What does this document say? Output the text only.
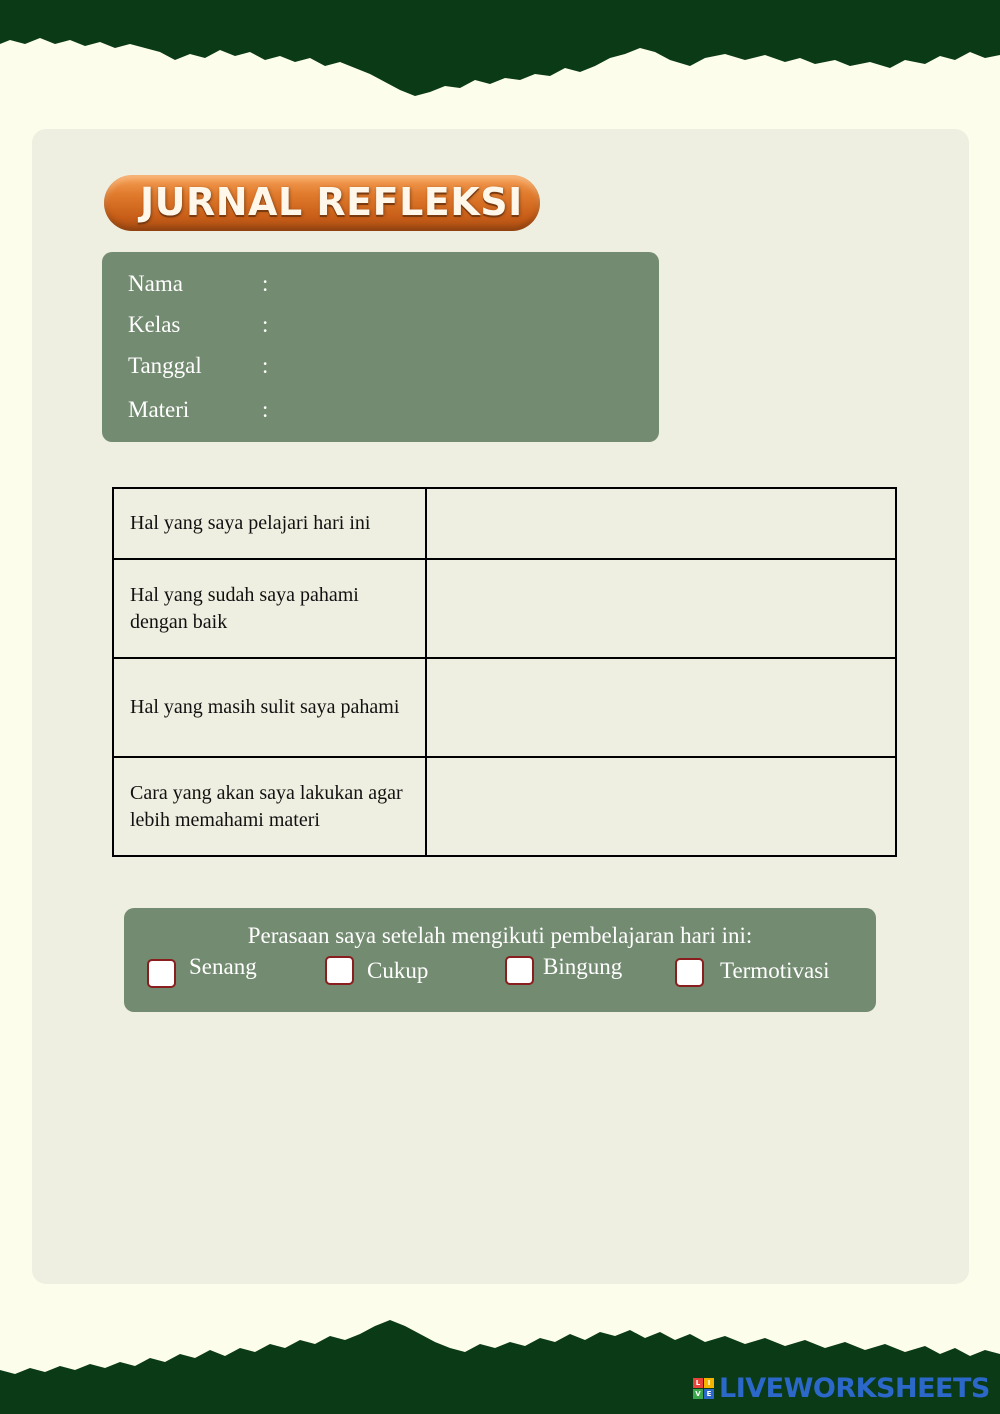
JURNAL REFLEKSI
Nama	:
Kelas	:
Tanggal	:
Materi	:
Hal yang saya pelajari hari ini	
Hal yang sudah saya pahami dengan baik	
Hal yang masih sulit saya pahami	
Cara yang akan saya lakukan agar lebih memahami materi	
Perasaan saya setelah mengikuti pembelajaran hari ini:
Senang	Cukup	Bingung	Termotivasi
L	I
V E LIVEWORKSHEETS
